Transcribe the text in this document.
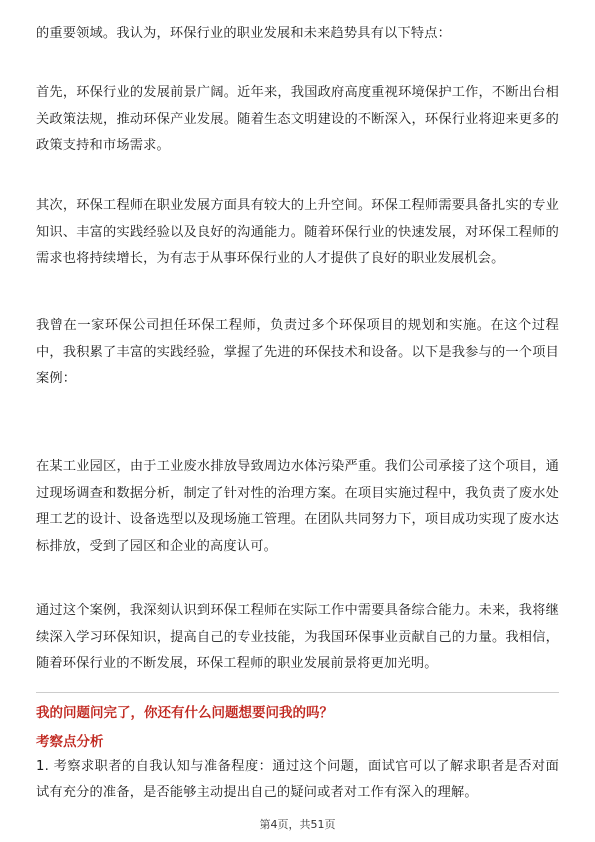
的重要领域。我认为，环保行业的职业发展和未来趋势具有以下特点：

首先，环保行业的发展前景广阔。近年来，我国政府高度重视环境保护工作，不断出台相关政策法规，推动环保产业发展。随着生态文明建设的不断深入，环保行业将迎来更多的政策支持和市场需求。

其次，环保工程师在职业发展方面具有较大的上升空间。环保工程师需要具备扎实的专业知识、丰富的实践经验以及良好的沟通能力。随着环保行业的快速发展，对环保工程师的需求也将持续增长，为有志于从事环保行业的人才提供了良好的职业发展机会。

我曾在一家环保公司担任环保工程师，负责过多个环保项目的规划和实施。在这个过程中，我积累了丰富的实践经验，掌握了先进的环保技术和设备。以下是我参与的一个项目案例：

在某工业园区，由于工业废水排放导致周边水体污染严重。我们公司承接了这个项目，通过现场调查和数据分析，制定了针对性的治理方案。在项目实施过程中，我负责了废水处理工艺的设计、设备选型以及现场施工管理。在团队共同努力下，项目成功实现了废水达标排放，受到了园区和企业的高度认可。

通过这个案例，我深刻认识到环保工程师在实际工作中需要具备综合能力。未来，我将继续深入学习环保知识，提高自己的专业技能，为我国环保事业贡献自己的力量。我相信，随着环保行业的不断发展，环保工程师的职业发展前景将更加光明。

我的问题问完了，你还有什么问题想要问我的吗？
考察点分析
1. 考察求职者的自我认知与准备程度：通过这个问题，面试官可以了解求职者是否对面试有充分的准备，是否能够主动提出自己的疑问或者对工作有深入的理解。
第4页，共51页
